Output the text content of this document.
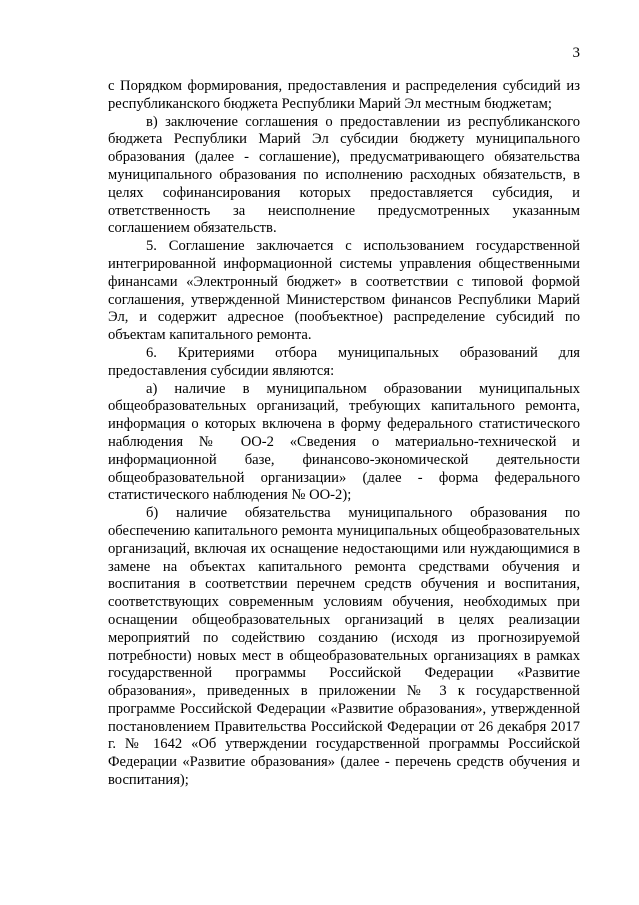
3

с Порядком формирования, предоставления и распределения субсидий из республиканского бюджета Республики Марий Эл местным бюджетам;

в) заключение соглашения о предоставлении из республиканского бюджета Республики Марий Эл субсидии бюджету муниципального образования (далее - соглашение), предусматривающего обязательства муниципального образования по исполнению расходных обязательств, в целях софинансирования которых предоставляется субсидия, и ответственность за неисполнение предусмотренных указанным соглашением обязательств.

5. Соглашение заключается с использованием государственной интегрированной информационной системы управления общественными финансами «Электронный бюджет» в соответствии с типовой формой соглашения, утвержденной Министерством финансов Республики Марий Эл, и содержит адресное (пообъектное) распределение субсидий по объектам капитального ремонта.

6. Критериями отбора муниципальных образований для предоставления субсидии являются:

а) наличие в муниципальном образовании муниципальных общеобразовательных организаций, требующих капитального ремонта, информация о которых включена в форму федерального статистического наблюдения № ОО-2 «Сведения о материально-технической и информационной базе, финансово-экономической деятельности общеобразовательной организации» (далее - форма федерального статистического наблюдения № ОО-2);

б) наличие обязательства муниципального образования по обеспечению капитального ремонта муниципальных общеобразовательных организаций, включая их оснащение недостающими или нуждающимися в замене на объектах капитального ремонта средствами обучения и воспитания в соответствии перечнем средств обучения и воспитания, соответствующих современным условиям обучения, необходимых при оснащении общеобразовательных организаций в целях реализации мероприятий по содействию созданию (исходя из прогнозируемой потребности) новых мест в общеобразовательных организациях в рамках государственной программы Российской Федерации «Развитие образования», приведенных в приложении № 3 к государственной программе Российской Федерации «Развитие образования», утвержденной постановлением Правительства Российской Федерации от 26 декабря 2017 г. № 1642 «Об утверждении государственной программы Российской Федерации «Развитие образования» (далее - перечень средств обучения и воспитания);
